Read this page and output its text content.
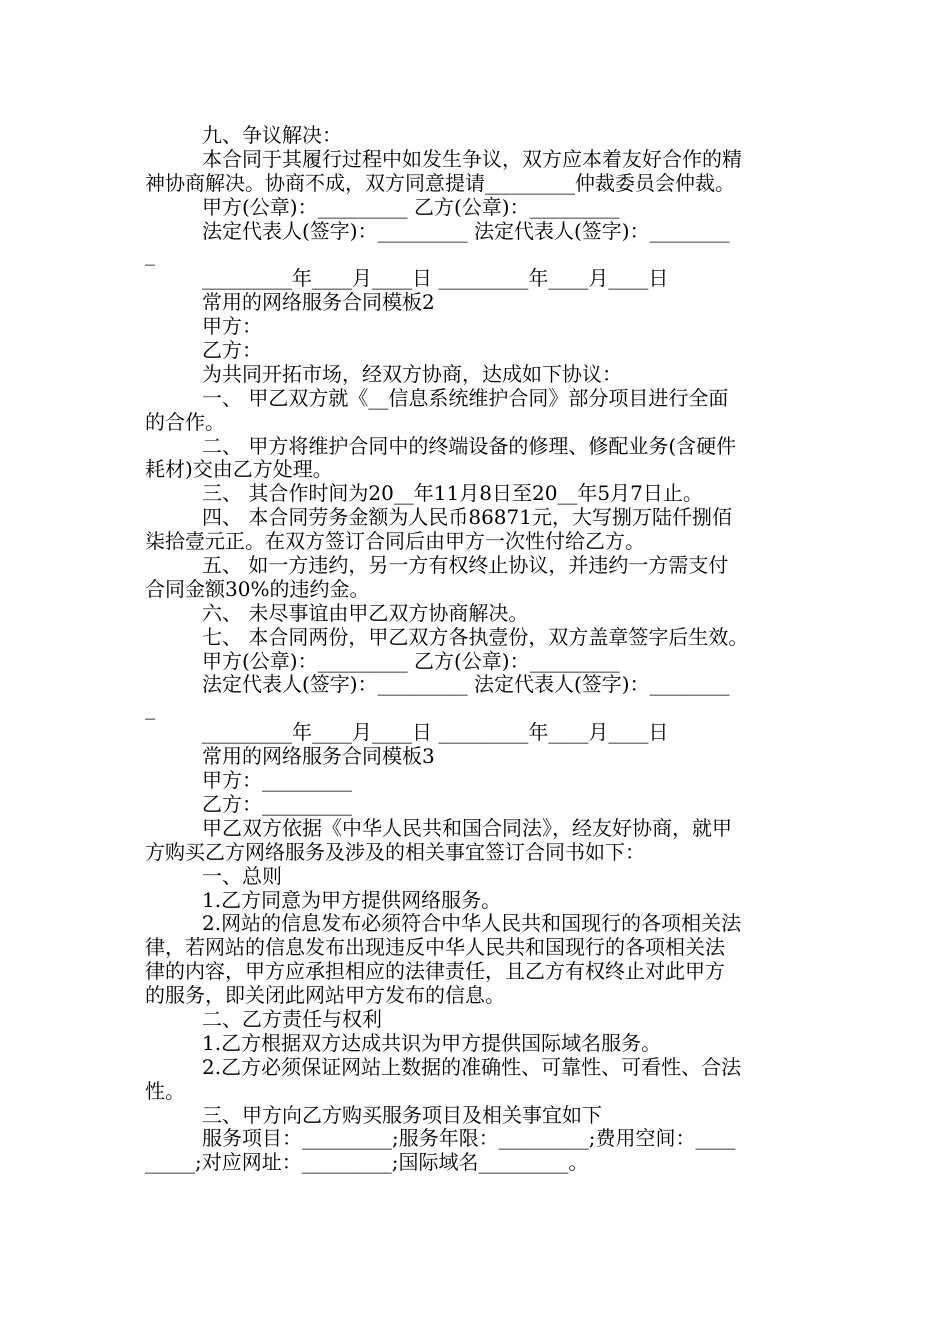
九、争议解决：
本合同于其履行过程中如发生争议，双方应本着友好合作的精
神协商解决。协商不成，双方同意提请_________仲裁委员会仲裁。
甲方(公章)：_________ 乙方(公章)：_________
法定代表人(签字)：_________ 法定代表人(签字)：________
_
_________年____月____日 _________年____月____日
常用的网络服务合同模板2
甲方：
乙方：
为共同开拓市场，经双方协商，达成如下协议：
一、 甲乙双方就《__信息系统维护合同》部分项目进行全面
的合作。
二、 甲方将维护合同中的终端设备的修理、修配业务(含硬件
耗材)交由乙方处理。
三、 其合作时间为20__年11月8日至20__年5月7日止。
四、 本合同劳务金额为人民币86871元，大写捌万陆仟捌佰
柒拾壹元正。在双方签订合同后由甲方一次性付给乙方。
五、 如一方违约，另一方有权终止协议，并违约一方需支付
合同金额30%的违约金。
六、 未尽事谊由甲乙双方协商解决。
七、 本合同两份，甲乙双方各执壹份，双方盖章签字后生效。
甲方(公章)：_________ 乙方(公章)：_________
法定代表人(签字)：_________ 法定代表人(签字)：________
_
_________年____月____日 _________年____月____日
常用的网络服务合同模板3
甲方：_________
乙方：_________
甲乙双方依据《中华人民共和国合同法》，经友好协商，就甲
方购买乙方网络服务及涉及的相关事宜签订合同书如下：
一、总则
1.乙方同意为甲方提供网络服务。
2.网站的信息发布必须符合中华人民共和国现行的各项相关法
律，若网站的信息发布出现违反中华人民共和国现行的各项相关法
律的内容，甲方应承担相应的法律责任，且乙方有权终止对此甲方
的服务，即关闭此网站甲方发布的信息。
二、乙方责任与权利
1.乙方根据双方达成共识为甲方提供国际域名服务。
2.乙方必须保证网站上数据的准确性、可靠性、可看性、合法
性。
三、甲方向乙方购买服务项目及相关事宜如下
服务项目：_________;服务年限：_________;费用空间：____
_____;对应网址：_________;国际域名_________。
